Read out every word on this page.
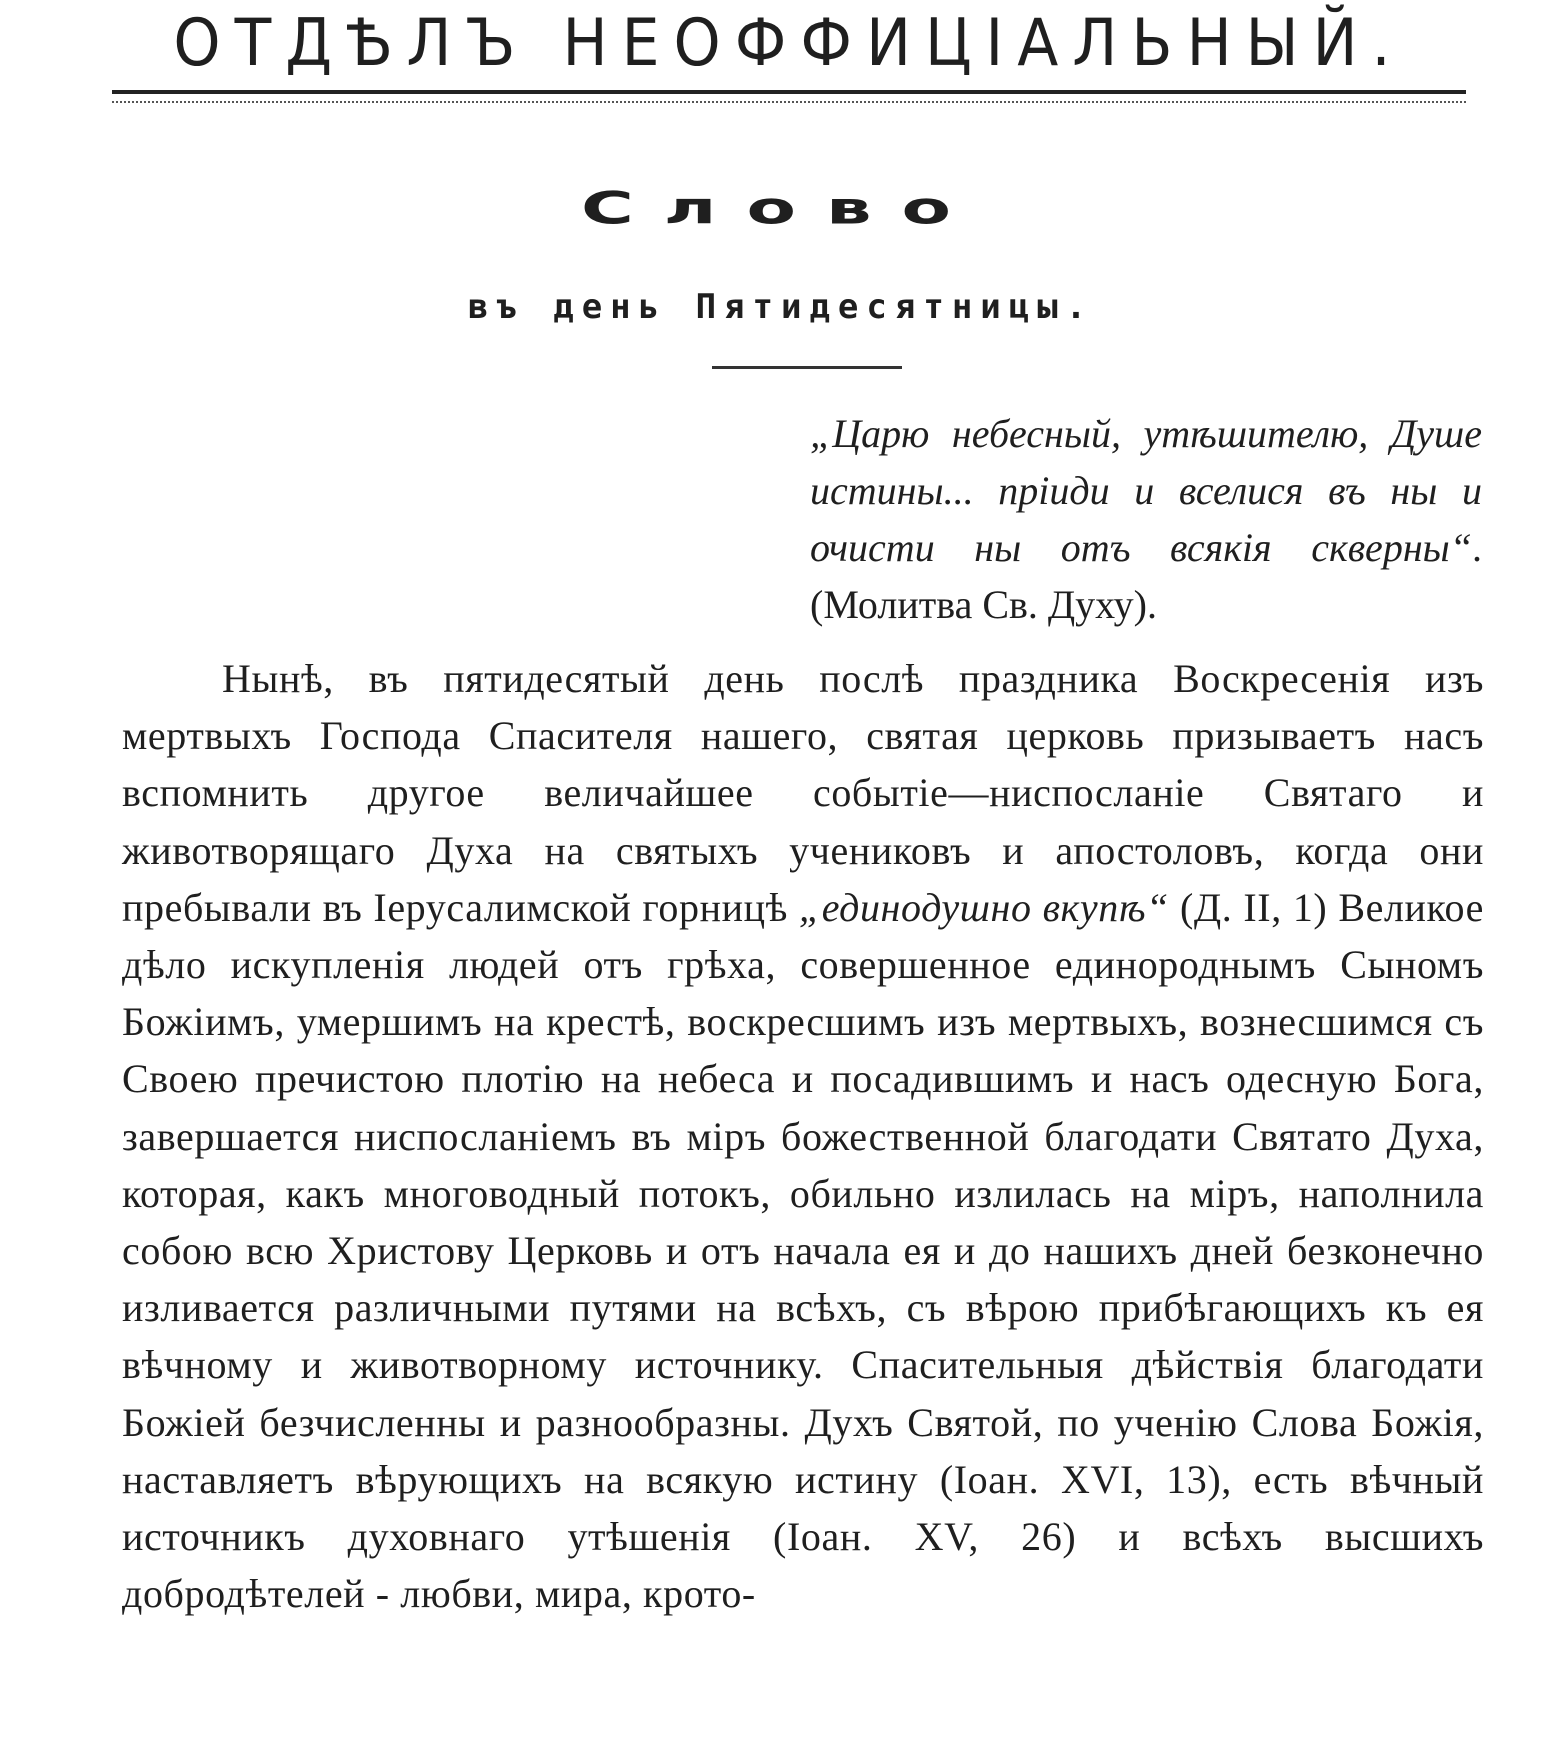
ОТДѢЛЪ НЕОФФИЦІАЛЬНЫЙ.
Слово
въ день Пятидесятницы.
„Царю небесный, утѣшителю, Душе истины... пріиди и вселися въ ны и очисти ны отъ всякія скверны“. (Молитва Св. Духу).
Нынѣ, въ пятидесятый день послѣ праздника Воскресенія изъ мертвыхъ Господа Спасителя нашего, святая церковь призываетъ насъ вспомнить другое величайшее событіе—ниспосланіе Святаго и животворящаго Духа на святыхъ учениковъ и апостоловъ, когда они пребывали въ Іерусалимской горницѣ „единодушно вкупѣ“ (Д. II, 1) Великое дѣло искупленія людей отъ грѣха, совершенное единороднымъ Сыномъ Божіимъ, умершимъ на крестѣ, воскресшимъ изъ мертвыхъ, вознесшимся съ Своею пречистою плотію на небеса и посадившимъ и насъ одесную Бога, завершается ниспосланіемъ въ міръ божественной благодати Святато Духа, которая, какъ многоводный потокъ, обильно излилась на міръ, наполнила собою всю Христову Церковь и отъ начала ея и до нашихъ дней безконечно изливается различными путями на всѣхъ, съ вѣрою прибѣгающихъ къ ея вѣчному и животворному источнику. Спасительныя дѣйствія благодати Божіей безчисленны и разнообразны. Духъ Святой, по ученію Слова Божія, наставляетъ вѣрующихъ на всякую истину (Іоан. XVI, 13), есть вѣчный источникъ духовнаго утѣшенія (Іоан. XV, 26) и всѣхъ высшихъ добродѣтелей - любви, мира, крото-
